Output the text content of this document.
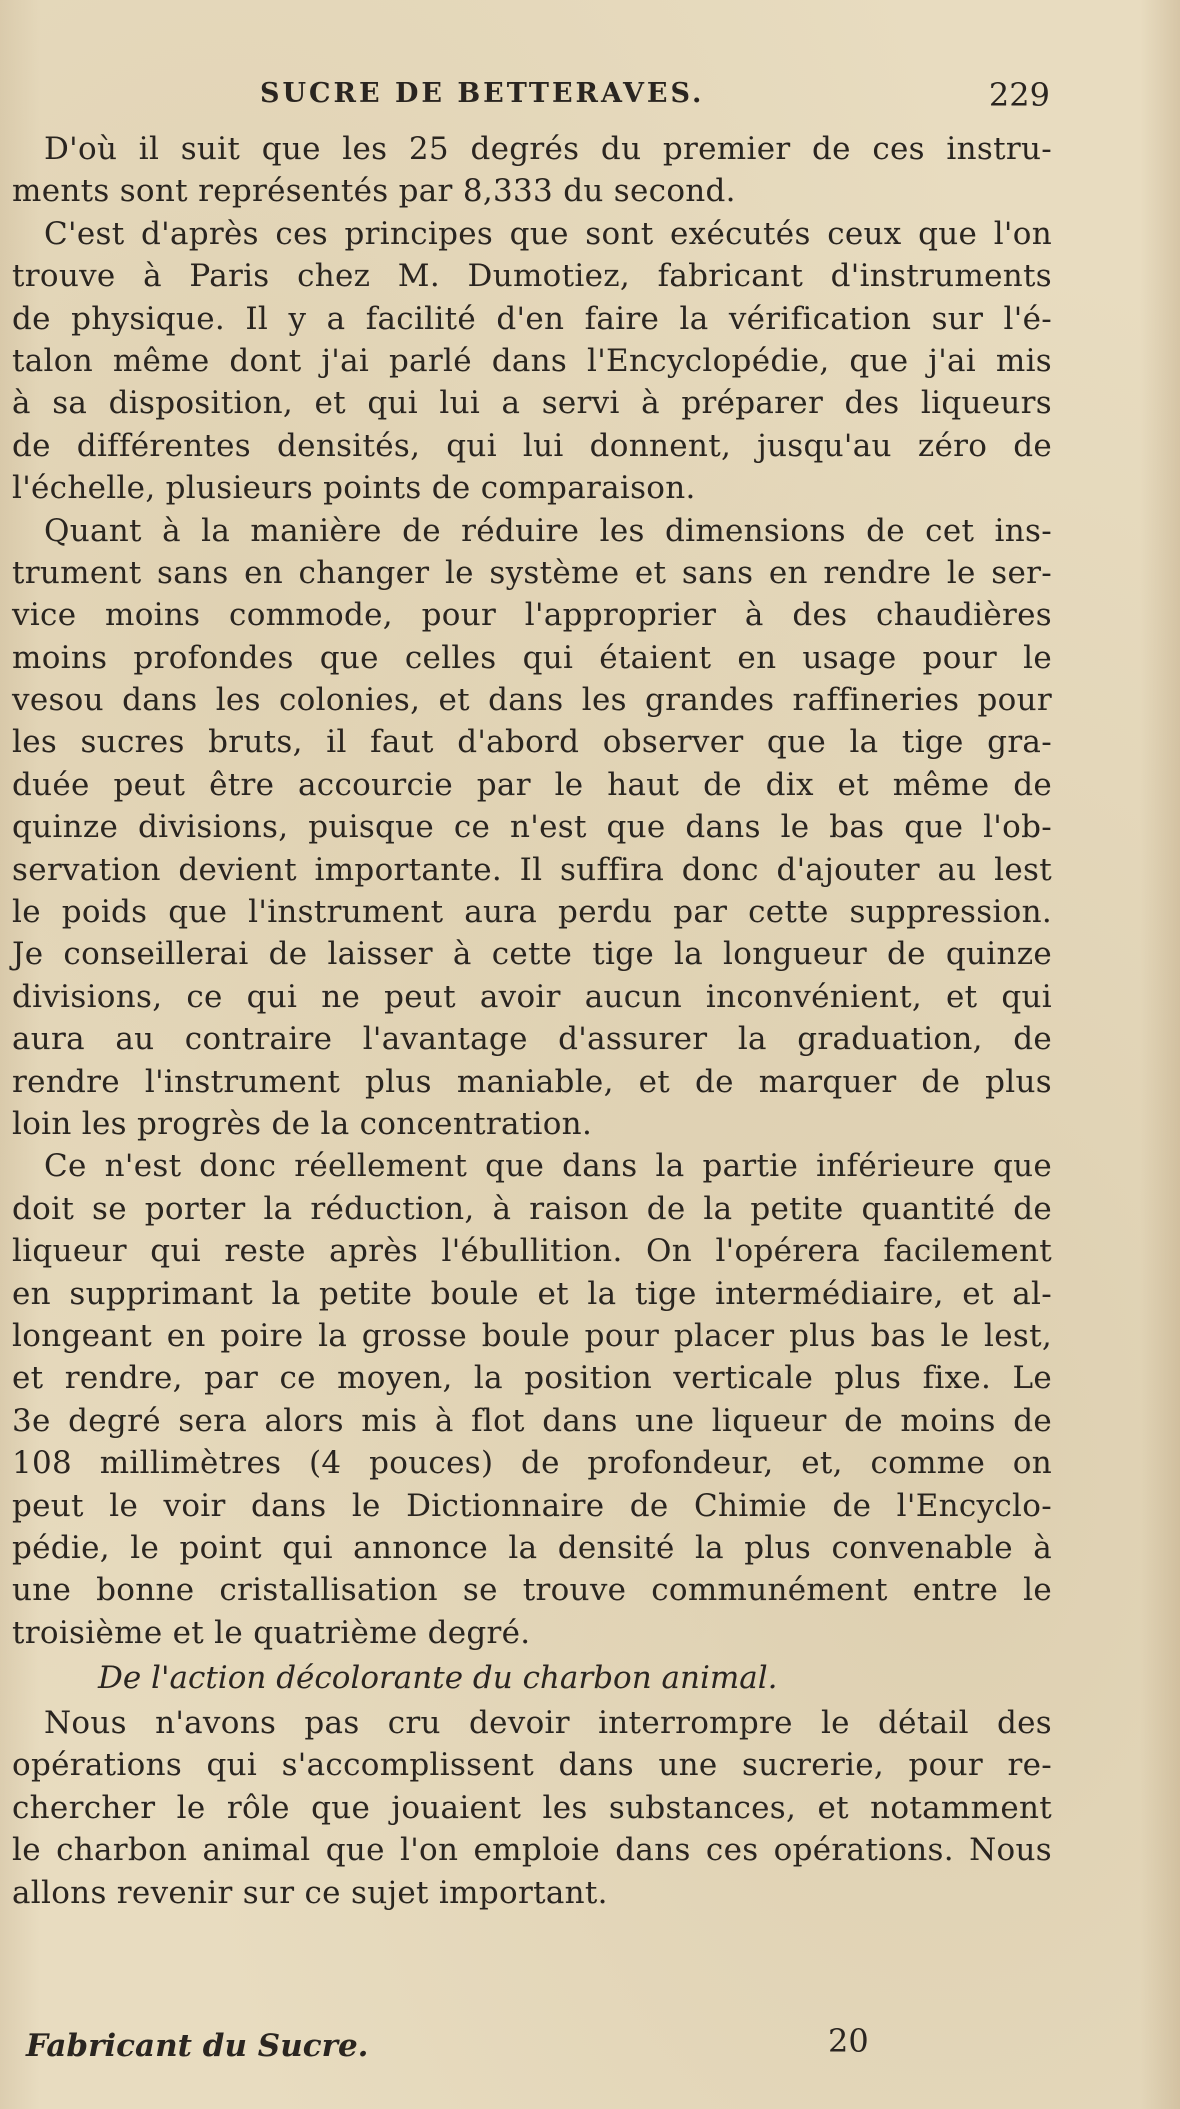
SUCRE DE BETTERAVES.	229
D'où il suit que les 25 degrés du premier de ces instru-
ments sont représentés par 8,333 du second.
C'est d'après ces principes que sont exécutés ceux que l'on
trouve à Paris chez M. Dumotiez, fabricant d'instruments
de physique. Il y a facilité d'en faire la vérification sur l'é-
talon même dont j'ai parlé dans l'Encyclopédie, que j'ai mis
à sa disposition, et qui lui a servi à préparer des liqueurs
de différentes densités, qui lui donnent, jusqu'au zéro de
l'échelle, plusieurs points de comparaison.
Quant à la manière de réduire les dimensions de cet ins-
trument sans en changer le système et sans en rendre le ser-
vice moins commode, pour l'approprier à des chaudières
moins profondes que celles qui étaient en usage pour le
vesou dans les colonies, et dans les grandes raffineries pour
les sucres bruts, il faut d'abord observer que la tige gra-
duée peut être accourcie par le haut de dix et même de
quinze divisions, puisque ce n'est que dans le bas que l'ob-
servation devient importante. Il suffira donc d'ajouter au lest
le poids que l'instrument aura perdu par cette suppression.
Je conseillerai de laisser à cette tige la longueur de quinze
divisions, ce qui ne peut avoir aucun inconvénient, et qui
aura au contraire l'avantage d'assurer la graduation, de
rendre l'instrument plus maniable, et de marquer de plus
loin les progrès de la concentration.
Ce n'est donc réellement que dans la partie inférieure que
doit se porter la réduction, à raison de la petite quantité de
liqueur qui reste après l'ébullition. On l'opérera facilement
en supprimant la petite boule et la tige intermédiaire, et al-
longeant en poire la grosse boule pour placer plus bas le lest,
et rendre, par ce moyen, la position verticale plus fixe. Le
3e degré sera alors mis à flot dans une liqueur de moins de
108 millimètres (4 pouces) de profondeur, et, comme on
peut le voir dans le Dictionnaire de Chimie de l'Encyclo-
pédie, le point qui annonce la densité la plus convenable à
une bonne cristallisation se trouve communément entre le
troisième et le quatrième degré.
De l'action décolorante du charbon animal.
Nous n'avons pas cru devoir interrompre le détail des
opérations qui s'accomplissent dans une sucrerie, pour re-
chercher le rôle que jouaient les substances, et notamment
le charbon animal que l'on emploie dans ces opérations. Nous
allons revenir sur ce sujet important.
Fabricant du Sucre.	20
